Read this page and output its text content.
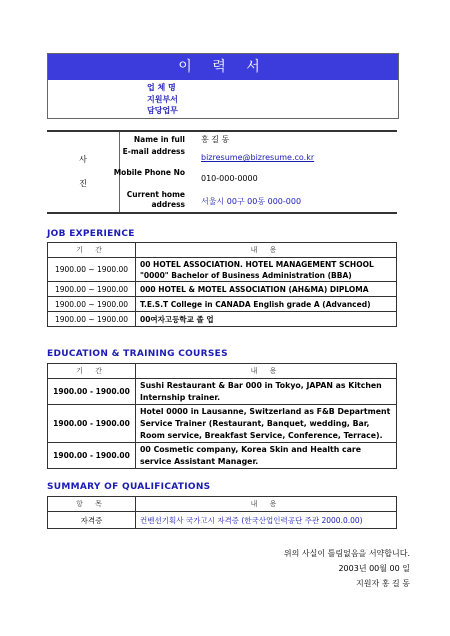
이 력 서
업 체 명
지원부서
담당업무
사
진
Name in full 홍 길 동
E-mail address
bizresume@bizresume.co.kr
Mobile Phone No
010-000-0000
Current home address 서울시 00구 00동 000-000
JOB EXPERIENCE
기 간	내 용
1900.00 ~ 1900.00	00 HOTEL ASSOCIATION. HOTEL MANAGEMENT SCHOOL "0000" Bachelor of Business Administration (BBA)
1900.00 ~ 1900.00	000 HOTEL & MOTEL ASSOCIATION (AH&MA) DIPLOMA
1900.00 ~ 1900.00	T.E.S.T College in CANADA English grade A (Advanced)
1900.00 ~ 1900.00	00여자고등학교 졸 업
EDUCATION & TRAINING COURSES
기 간	내 용
1900.00 - 1900.00	Sushi Restaurant & Bar 000 in Tokyo, JAPAN as Kitchen Internship trainer.
1900.00 - 1900.00	Hotel 0000 in Lausanne, Switzerland as F&B Department Service Trainer (Restaurant, Banquet, wedding, Bar, Room service, Breakfast Service, Conference, Terrace).
1900.00 - 1900.00	00 Cosmetic company, Korea Skin and Health care service Assistant Manager.
SUMMARY OF QUALIFICATIONS
항 목	내 용
자격증	컨벤션기획사 국가고시 자격증 (한국산업인력공단 주관 2000.0.00)
위의 사실이 틀림없음을 서약합니다.
2003년 00월 00 일
지원자 홍 길 동
